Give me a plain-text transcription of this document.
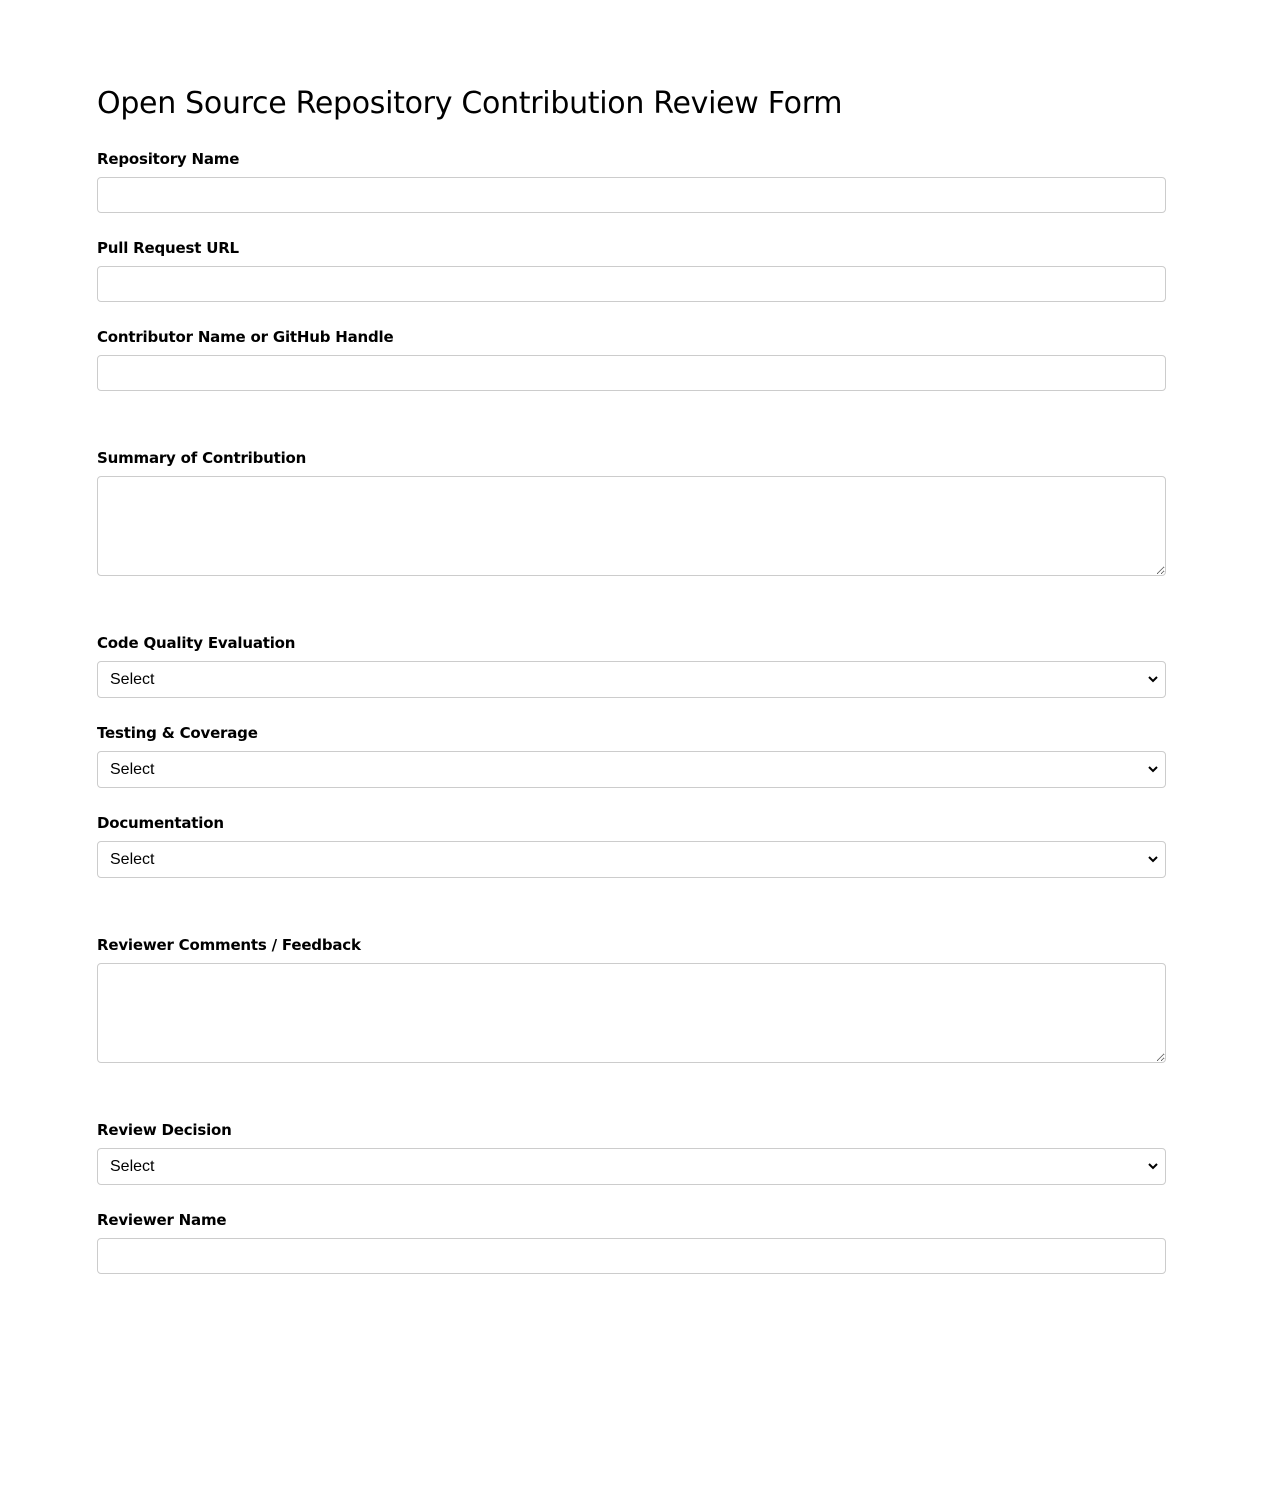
Open Source Repository Contribution Review Form
Repository Name
Pull Request URL
Contributor Name or GitHub Handle
Summary of Contribution
Code Quality Evaluation
Select
Testing & Coverage
Select
Documentation
Select
Reviewer Comments / Feedback
Review Decision
Select
Reviewer Name
